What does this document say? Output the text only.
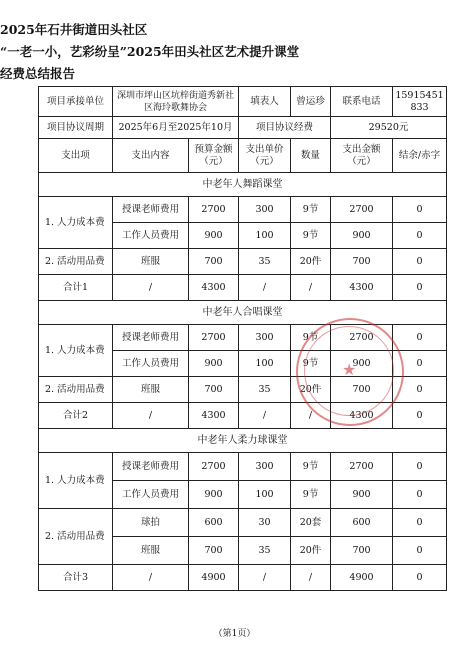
2025年石井街道田头社区
“一老一小，艺彩纷呈”2025年田头社区艺术提升课堂
经费总结报告
项目承接单位	深圳市坪山区坑梓街道秀新社区海玲歌舞协会		填表人	曾运珍	联系电话	15915451833
项目协议周期	2025年6月至2025年10月		项目协议经费		29520元	
支出项	支出内容	预算金额（元）	支出单价（元）	数量	支出金额（元）	结余/赤字
中老年人舞蹈课堂						
1. 人力成本费	授课老师费用	2700	300	9节	2700	0
	工作人员费用	900	100	9节	900	0
2. 活动用品费	班服	700	35	20件	700	0
合计1	/	4300	/	/	4300	0
中老年人合唱课堂						
1. 人力成本费	授课老师费用	2700	300	9节	2700	0
	工作人员费用	900	100	9节	900	0
2. 活动用品费	班服	700	35	20件	700	0
合计2	/	4300	/	/	4300	0
中老年人柔力球课堂						
1. 人力成本费	授课老师费用	2700	300	9节	2700	0
	工作人员费用	900	100	9节	900	0
2. 活动用品费	球拍	600	30	20套	600	0
	班服	700	35	20件	700	0
合计3	/	4900	/	/	4900	0
★
（第1页）
